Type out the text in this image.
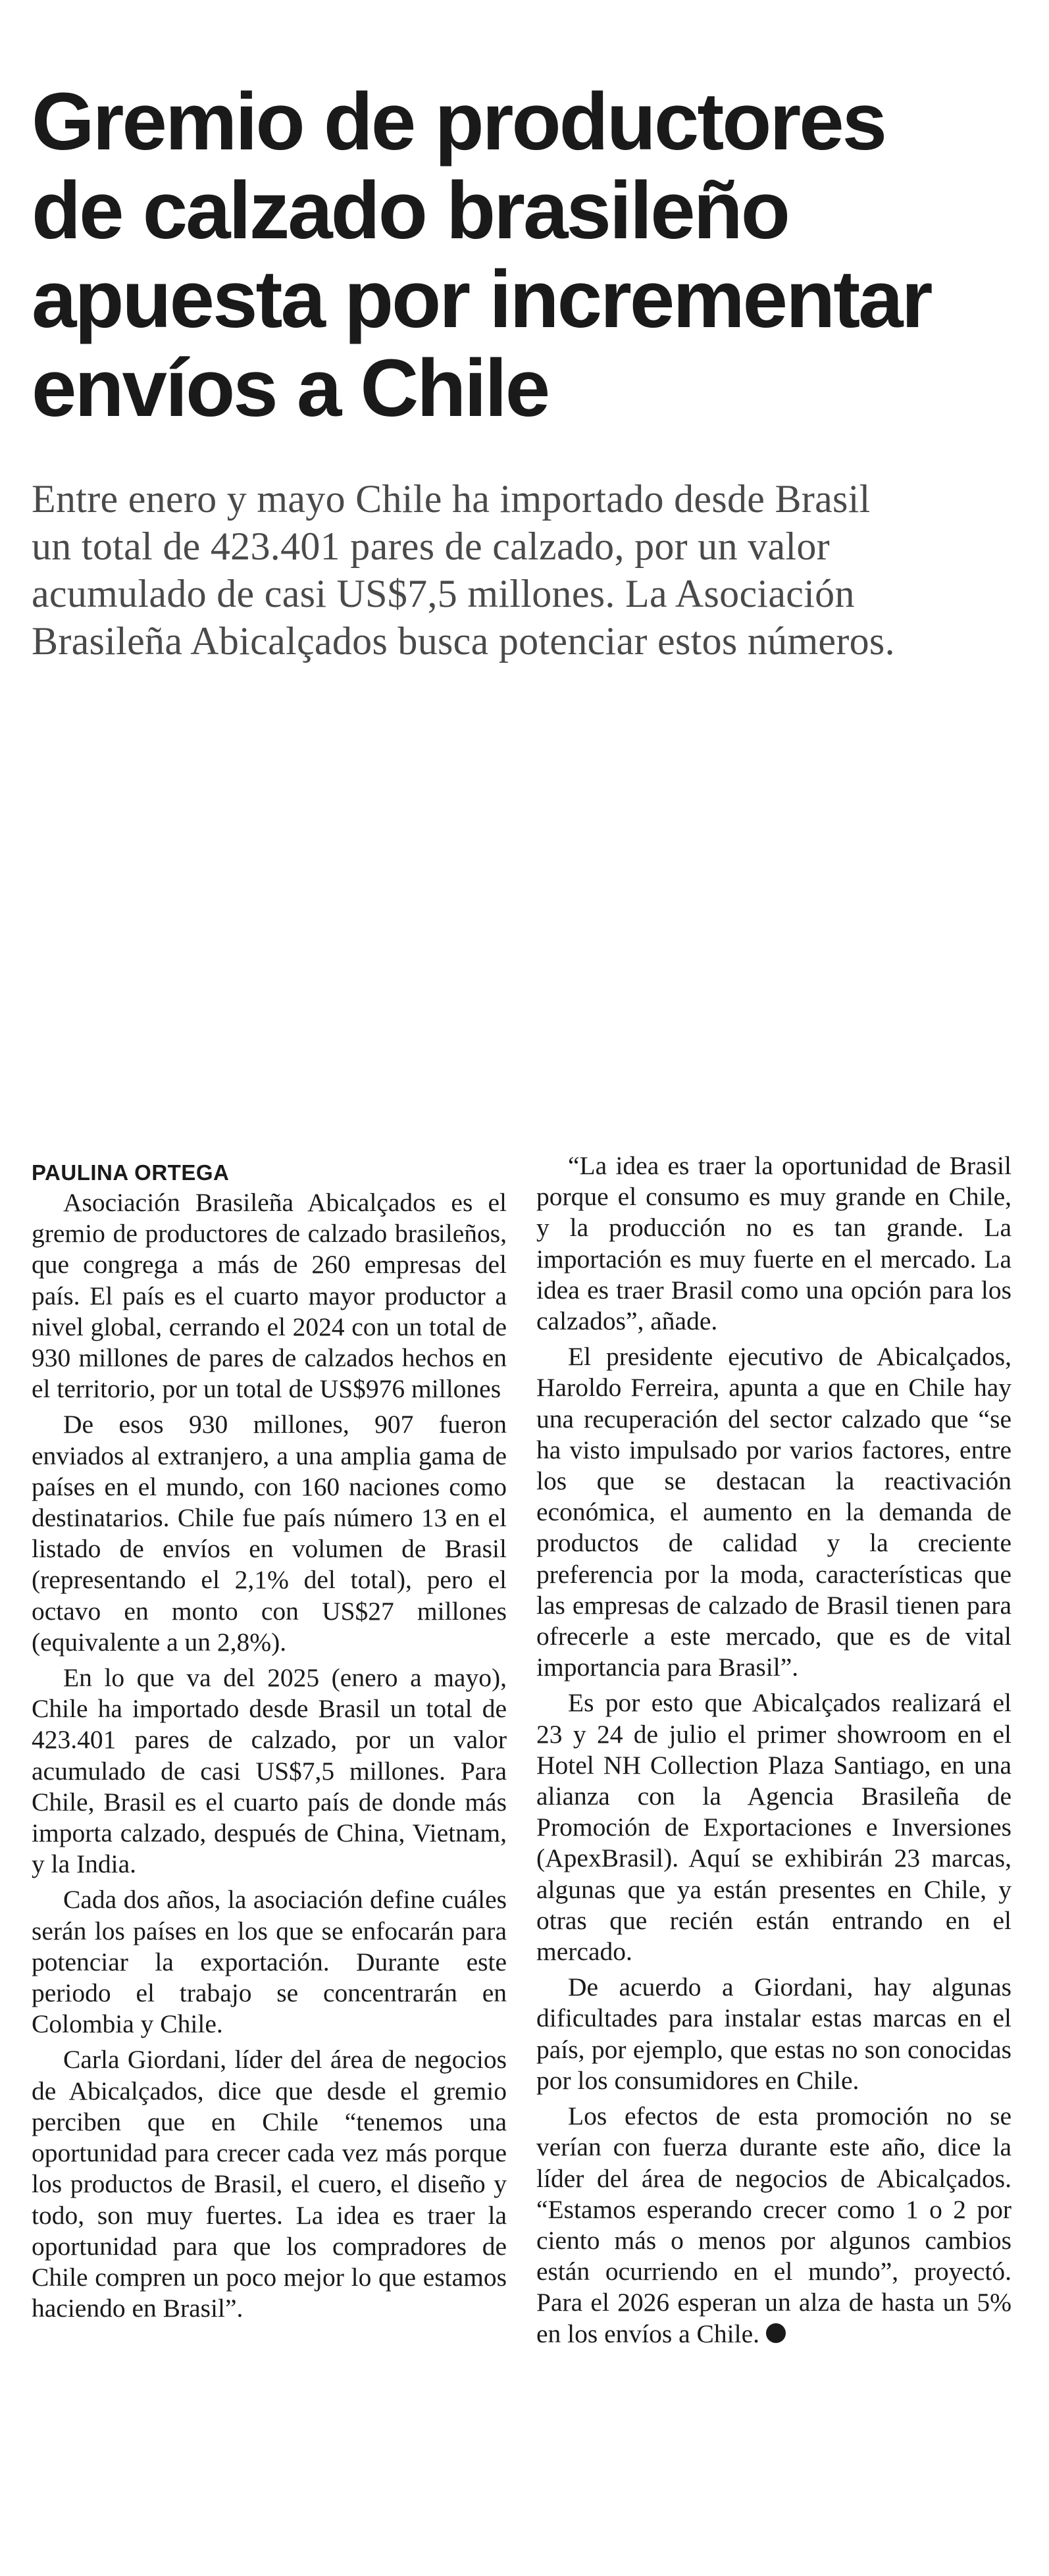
Gremio de productores
de calzado brasileño
apuesta por incrementar
envíos a Chile

Entre enero y mayo Chile ha importado desde Brasil
un total de 423.401 pares de calzado, por un valor
acumulado de casi US$7,5 millones. La Asociación
Brasileña Abicalçados busca potenciar estos números.

PAULINA ORTEGA

Asociación Brasileña Abicalçados es el gremio de productores de calzado brasileños, que congrega a más de 260 empresas del país. El país es el cuarto mayor productor a nivel global, cerrando el 2024 con un total de 930 millones de pares de calzados hechos en el territorio, por un total de US$976 millones

De esos 930 millones, 907 fueron enviados al extranjero, a una amplia gama de países en el mundo, con 160 naciones como destinatarios. Chile fue país número 13 en el listado de envíos en volumen de Brasil (representando el 2,1% del total), pero el octavo en monto con US$27 millones (equivalente a un 2,8%).

En lo que va del 2025 (enero a mayo), Chile ha importado desde Brasil un total de 423.401 pares de calzado, por un valor acumulado de casi US$7,5 millones. Para Chile, Brasil es el cuarto país de donde más importa calzado, después de China, Vietnam, y la India.

Cada dos años, la asociación define cuáles serán los países en los que se enfocarán para potenciar la exportación. Durante este periodo el trabajo se concentrarán en Colombia y Chile.

Carla Giordani, líder del área de negocios de Abicalçados, dice que desde el gremio perciben que en Chile “tenemos una oportunidad para crecer cada vez más porque los productos de Brasil, el cuero, el diseño y todo, son muy fuertes. La idea es traer la oportunidad para que los compradores de Chile compren un poco mejor lo que estamos haciendo en Brasil”.

“La idea es traer la oportunidad de Brasil porque el consumo es muy grande en Chile, y la producción no es tan grande. La importación es muy fuerte en el mercado. La idea es traer Brasil como una opción para los calzados”, añade.

El presidente ejecutivo de Abicalçados, Haroldo Ferreira, apunta a que en Chile hay una recuperación del sector calzado que “se ha visto impulsado por varios factores, entre los que se destacan la reactivación económica, el aumento en la demanda de productos de calidad y la creciente preferencia por la moda, características que las empresas de calzado de Brasil tienen para ofrecerle a este mercado, que es de vital importancia para Brasil”.

Es por esto que Abicalçados realizará el 23 y 24 de julio el primer showroom en el Hotel NH Collection Plaza Santiago, en una alianza con la Agencia Brasileña de Promoción de Exportaciones e Inversiones (ApexBrasil). Aquí se exhibirán 23 marcas, algunas que ya están presentes en Chile, y otras que recién están entrando en el mercado.

De acuerdo a Giordani, hay algunas dificultades para instalar estas marcas en el país, por ejemplo, que estas no son conocidas por los consumidores en Chile.

Los efectos de esta promoción no se verían con fuerza durante este año, dice la líder del área de negocios de Abicalçados. “Estamos esperando crecer como 1 o 2 por ciento más o menos por algunos cambios están ocurriendo en el mundo”, proyectó. Para el 2026 esperan un alza de hasta un 5% en los envíos a Chile.P
